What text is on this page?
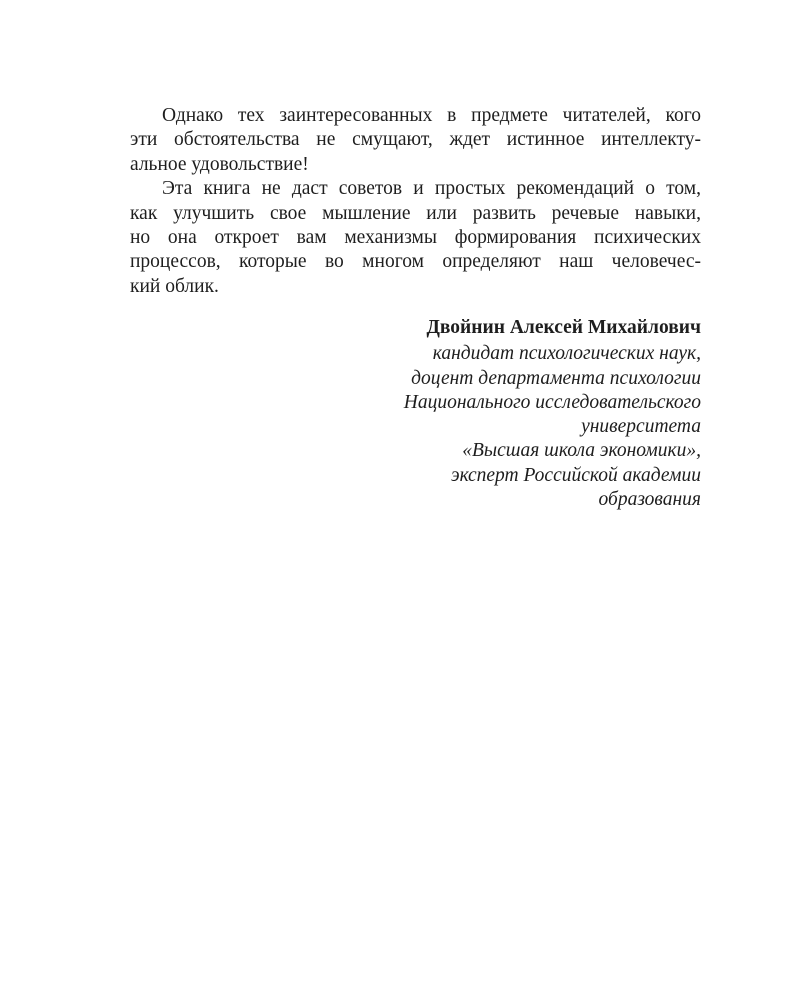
Однако тех заинтересованных в предмете читателей, кого
эти обстоятельства не смущают, ждет истинное интеллекту-
альное удовольствие!
Эта книга не даст советов и простых рекомендаций о том,
как улучшить свое мышление или развить речевые навыки,
но она откроет вам механизмы формирования психических
процессов, которые во многом определяют наш человечес-
кий облик.
Двойнин Алексей Михайлович
кандидат психологических наук,
доцент департамента психологии
Национального исследовательского
университета
«Высшая школа экономики»,
эксперт Российской академии
образования
